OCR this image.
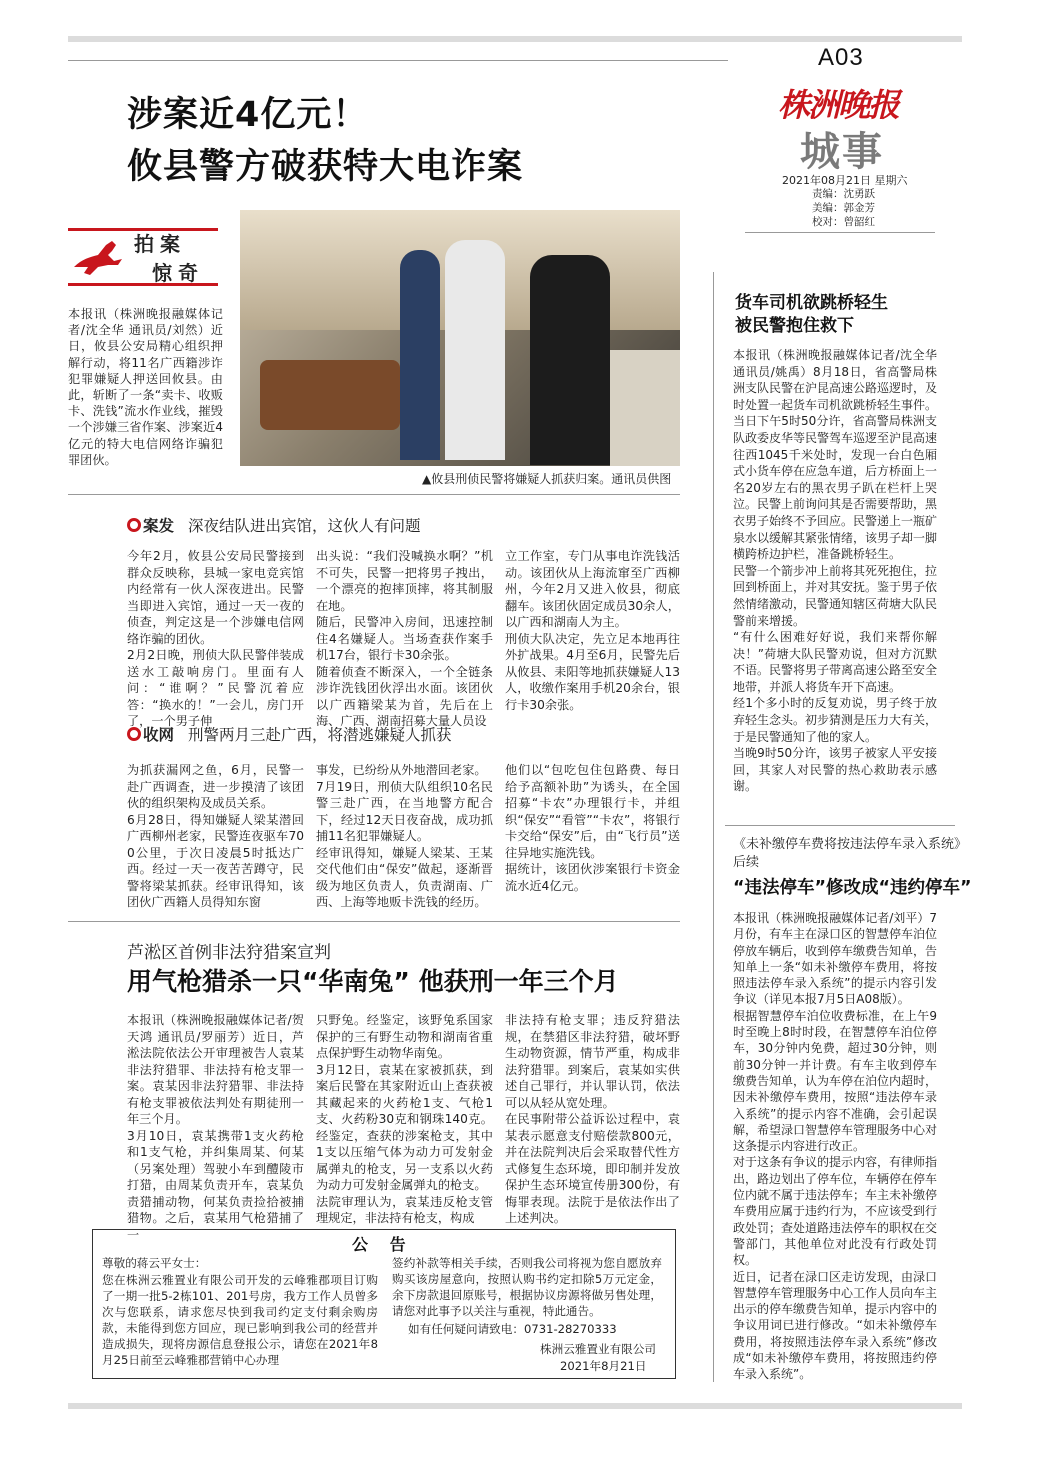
A03
株洲晚报
城事
2021年08月21日 星期六
责编：沈勇跃
美编：郭金芳
校对：曾韶红
涉案近4亿元！
攸县警方破获特大电诈案
拍案
惊奇
本报讯（株洲晚报融媒体记者/沈全华 通讯员/刘然）近日，攸县公安局精心组织押解行动，将11名广西籍涉诈犯罪嫌疑人押送回攸县。由此，斩断了一条“卖卡、收贩卡、洗钱”流水作业线，摧毁一个涉嫌三省作案、涉案近4亿元的特大电信网络诈骗犯罪团伙。
▲攸县刑侦民警将嫌疑人抓获归案。通讯员供图
案发 深夜结队进出宾馆，这伙人有问题
今年2月，攸县公安局民警接到群众反映称，县城一家电竞宾馆内经常有一伙人深夜进出。民警当即进入宾馆，通过一天一夜的侦查，判定这是一个涉嫌电信网络诈骗的团伙。
2月2日晚，刑侦大队民警伴装成送水工敲响房门。里面有人问：“谁啊？”民警沉着应答：“换水的！”一会儿，房门开了，一个男子伸
出头说：“我们没喊换水啊？”机不可失，民警一把将男子拽出，一个漂亮的抱摔顶摔，将其制服在地。
随后，民警冲入房间，迅速控制住4名嫌疑人。当场查获作案手机17台，银行卡30余张。
随着侦查不断深入，一个全链条涉诈洗钱团伙浮出水面。该团伙以广西籍梁某为首，先后在上海、广西、湖南招募大量人员设
立工作室，专门从事电诈洗钱活动。该团伙从上海流窜至广西柳州，今年2月又进入攸县，彻底翻车。该团伙固定成员30余人，以广西和湖南人为主。
刑侦大队决定，先立足本地再往外扩战果。4月至6月，民警先后从攸县、耒阳等地抓获嫌疑人13人，收缴作案用手机20余台，银行卡30余张。
收网 刑警两月三赴广西，将潜逃嫌疑人抓获
为抓获漏网之鱼，6月，民警一赴广西调查，进一步摸清了该团伙的组织架构及成员关系。
6月28日，得知嫌疑人梁某潜回广西柳州老家，民警连夜驱车700公里，于次日凌晨5时抵达广西。经过一天一夜苦苦蹲守，民警将梁某抓获。经审讯得知，该团伙广西籍人员得知东窗
事发，已纷纷从外地潜回老家。
7月19日，刑侦大队组织10名民警三赴广西，在当地警方配合下，经过12天日夜奋战，成功抓捕11名犯罪嫌疑人。
经审讯得知，嫌疑人梁某、王某交代他们由“保安”做起，逐渐晋级为地区负责人，负责湖南、广西、上海等地贩卡洗钱的经历。
他们以“包吃包住包路费、每日给予高额补助”为诱头，在全国招募“卡农”办理银行卡，并组织“保安”“看管”“卡农”，将银行卡交给“保安”后，由“飞行员”送往异地实施洗钱。
据统计，该团伙涉案银行卡资金流水近4亿元。
芦淞区首例非法狩猎案宣判
用气枪猎杀一只“华南兔” 他获刑一年三个月
本报讯（株洲晚报融媒体记者/贺天鸿 通讯员/罗丽芳）近日，芦淞法院依法公开审理被告人袁某非法狩猎罪、非法持有枪支罪一案。袁某因非法狩猎罪、非法持有枪支罪被依法判处有期徒刑一年三个月。
3月10日，袁某携带1支火药枪和1支气枪，并纠集周某、何某（另案处理）驾驶小车到醴陵市打猎，由周某负责开车，袁某负责猎捕动物，何某负责捡拾被捕猎物。之后，袁某用气枪猎捕了一
只野兔。经鉴定，该野兔系国家保护的三有野生动物和湖南省重点保护野生动物华南兔。
3月12日，袁某在家被抓获，到案后民警在其家附近山上查获被其藏起来的火药枪1支、气枪1支、火药粉30克和钢珠140克。经鉴定，查获的涉案枪支，其中1支以压缩气体为动力可发射金属弹丸的枪支，另一支系以火药为动力可发射金属弹丸的枪支。
法院审理认为，袁某违反枪支管理规定，非法持有枪支，构成
非法持有枪支罪；违反狩猎法规，在禁猎区非法狩猎，破坏野生动物资源，情节严重，构成非法狩猎罪。到案后，袁某如实供述自己罪行，并认罪认罚，依法可以从轻从宽处理。
在民事附带公益诉讼过程中，袁某表示愿意支付赔偿款800元，并在法院判决后会采取替代性方式修复生态环境，即印制并发放保护生态环境宣传册300份，有悔罪表现。法院于是依法作出了上述判决。
公 告
尊敬的蒋云平女士：
您在株洲云雅置业有限公司开发的云峰雅郡项目订购了一期一批5-2栋101、201号房，我方工作人员曾多次与您联系，请求您尽快到我司约定支付剩余购房款，未能得到您方回应，现已影响到我公司的经营并造成损失，现将房源信息登报公示，请您在2021年8月25日前至云峰雅郡营销中心办理
签约补款等相关手续，否则我公司将视为您自愿放弃购买该房屋意向，按照认购书约定扣除5万元定金，余下房款退回原账号，根据协议房源将做另售处理，请您对此事予以关注与重视，特此通告。
如有任何疑问请致电：0731-28270333
株洲云雅置业有限公司
2021年8月21日
货车司机欲跳桥轻生
被民警抱住救下
本报讯（株洲晚报融媒体记者/沈全华 通讯员/姚禹）8月18日，省高警局株洲支队民警在沪昆高速公路巡逻时，及时处置一起货车司机欲跳桥轻生事件。
当日下午5时50分许，省高警局株洲支队政委皮华等民警驾车巡逻至沪昆高速往西1045千米处时，发现一台白色厢式小货车停在应急车道，后方桥面上一名20岁左右的黑衣男子趴在栏杆上哭泣。民警上前询问其是否需要帮助，黑衣男子始终不予回应。民警递上一瓶矿泉水以缓解其紧张情绪，该男子却一脚横跨桥边护栏，准备跳桥轻生。
民警一个箭步冲上前将其死死抱住，拉回到桥面上，并对其安抚。鉴于男子依然情绪激动，民警通知辖区荷塘大队民警前来增援。
“有什么困难好好说，我们来帮你解决！”荷塘大队民警劝说，但对方沉默不语。民警将男子带离高速公路至安全地带，并派人将货车开下高速。
经1个多小时的反复劝说，男子终于放弃轻生念头。初步猜测是压力大有关，于是民警通知了他的家人。
当晚9时50分许，该男子被家人平安接回，其家人对民警的热心救助表示感谢。
《未补缴停车费将按违法停车录入系统》后续
“违法停车”修改成“违约停车”
本报讯（株洲晚报融媒体记者/刘平）7月份，有车主在渌口区的智慧停车泊位停放车辆后，收到停车缴费告知单，告知单上一条“如未补缴停车费用，将按照违法停车录入系统”的提示内容引发争议（详见本报7月5日A08版）。
根据智慧停车泊位收费标准，在上午9时至晚上8时时段，在智慧停车泊位停车，30分钟内免费，超过30分钟，则前30分钟一并计费。有车主收到停车缴费告知单，认为车停在泊位内超时，因未补缴停车费用，按照“违法停车录入系统”的提示内容不准确，会引起误解，希望渌口智慧停车管理服务中心对这条提示内容进行改正。
对于这条有争议的提示内容，有律师指出，路边划出了停车位，车辆停在停车位内就不属于违法停车；车主未补缴停车费用应属于违约行为，不应该受到行政处罚；查处道路违法停车的职权在交警部门，其他单位对此没有行政处罚权。
近日，记者在渌口区走访发现，由渌口智慧停车管理服务中心工作人员向车主出示的停车缴费告知单，提示内容中的争议用词已进行修改。“如未补缴停车费用，将按照违法停车录入系统”修改成“如未补缴停车费用，将按照违约停车录入系统”。
